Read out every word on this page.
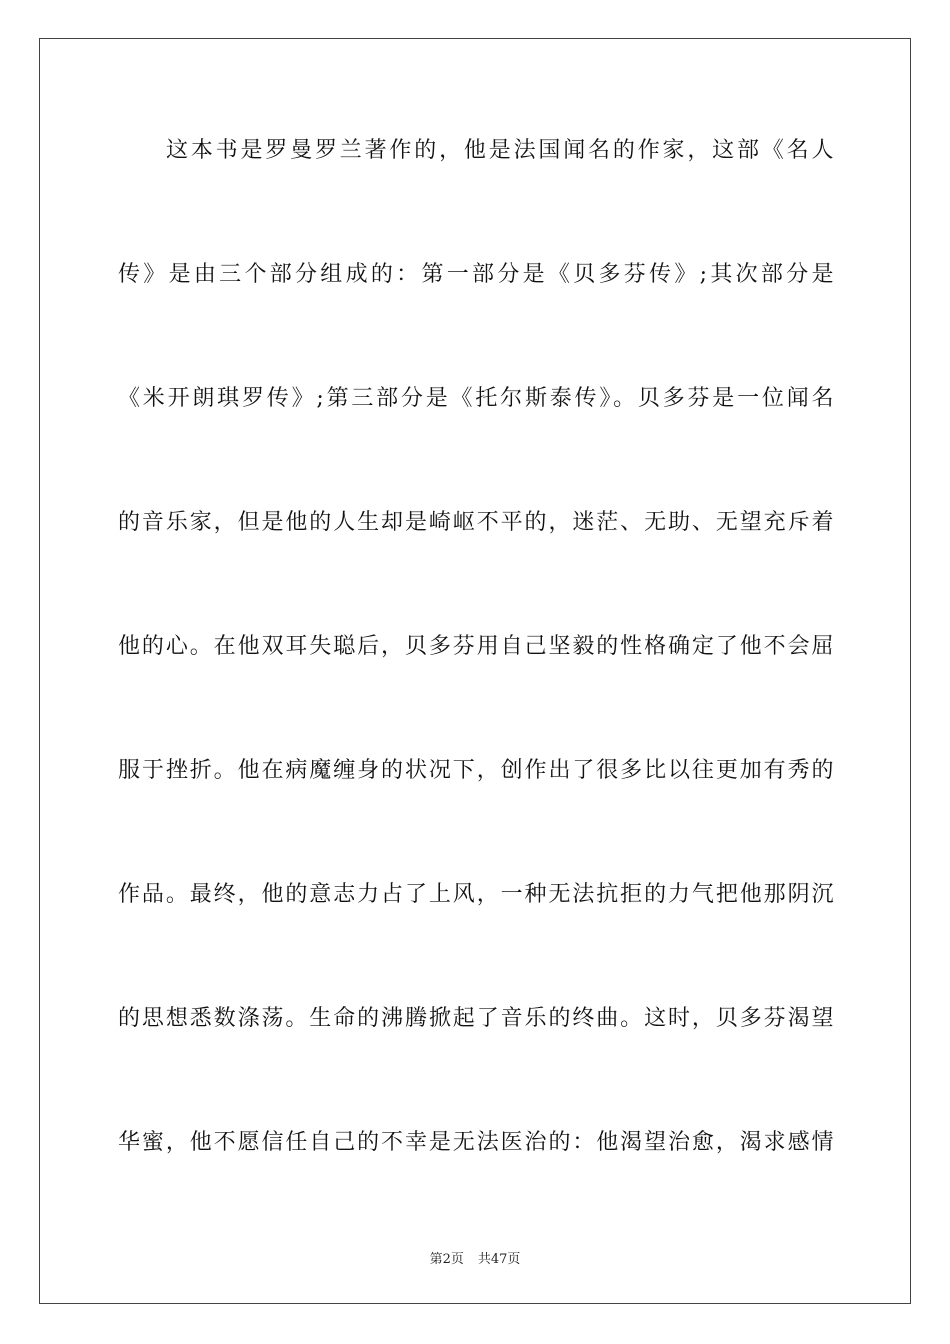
这本书是罗曼罗兰著作的，他是法国闻名的作家，这部《名人
传》是由三个部分组成的：第一部分是《贝多芬传》;其次部分是
《米开朗琪罗传》;第三部分是《托尔斯泰传》。贝多芬是一位闻名
的音乐家，但是他的人生却是崎岖不平的，迷茫、无助、无望充斥着
他的心。在他双耳失聪后，贝多芬用自己坚毅的性格确定了他不会屈
服于挫折。他在病魔缠身的状况下，创作出了很多比以往更加有秀的
作品。最终，他的意志力占了上风，一种无法抗拒的力气把他那阴沉
的思想悉数涤荡。生命的沸腾掀起了音乐的终曲。这时，贝多芬渴望
华蜜，他不愿信任自己的不幸是无法医治的：他渴望治愈，渴求感情
第2页 共47页
